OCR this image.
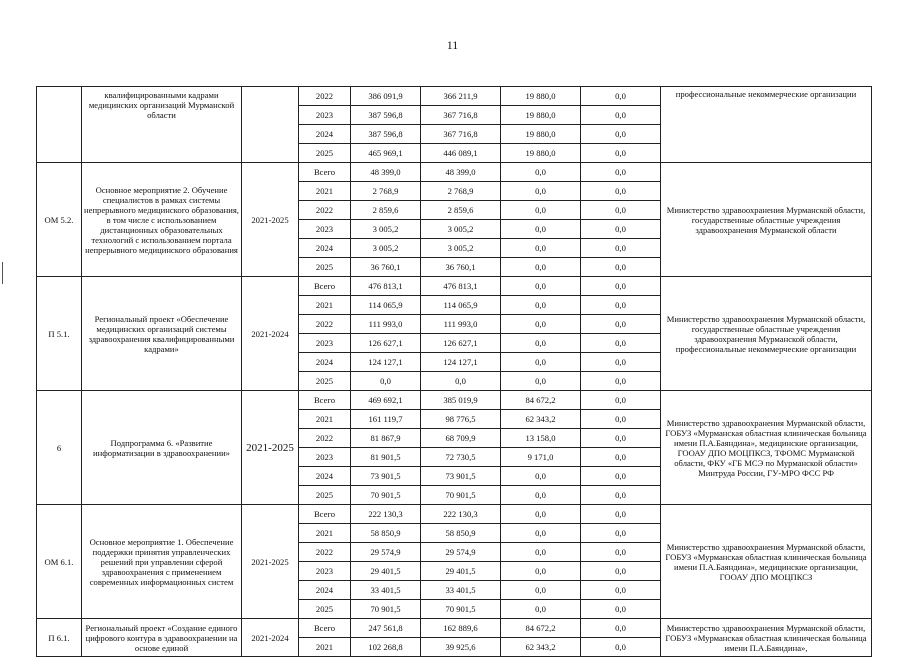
11
	квалифицированными кадрами медицинских организаций Мурманской области		2022	386 091,9	366 211,9	19 880,0	0,0	профессиональные некоммерческие организации
			2023	387 596,8	367 716,8	19 880,0	0,0	
			2024	387 596,8	367 716,8	19 880,0	0,0	
			2025	465 969,1	446 089,1	19 880,0	0,0	
ОМ 5.2.	Основное мероприятие 2. Обучение специалистов в рамках системы непрерывного медицинского образования, в том числе с использованием дистанционных образовательных технологий с использованием портала непрерывного медицинского образования	2021-2025	Всего	48 399,0	48 399,0	0,0	0,0	Министерство здравоохранения Мурманской области, государственные областные учреждения здравоохранения Мурманской области
			2021	2 768,9	2 768,9	0,0	0,0	
			2022	2 859,6	2 859,6	0,0	0,0	
			2023	3 005,2	3 005,2	0,0	0,0	
			2024	3 005,2	3 005,2	0,0	0,0	
			2025	36 760,1	36 760,1	0,0	0,0	
П 5.1.	Региональный проект «Обеспечение медицинских организаций системы здравоохранения квалифицированными кадрами»	2021-2024	Всего	476 813,1	476 813,1	0,0	0,0	Министерство здравоохранения Мурманской области, государственные областные учреждения здравоохранения Мурманской области, профессиональные некоммерческие организации
			2021	114 065,9	114 065,9	0,0	0,0	
			2022	111 993,0	111 993,0	0,0	0,0	
			2023	126 627,1	126 627,1	0,0	0,0	
			2024	124 127,1	124 127,1	0,0	0,0	
			2025	0,0	0,0	0,0	0,0	
6	Подпрограмма 6. «Развитие информатизации в здравоохранении»	2021-2025	Всего	469 692,1	385 019,9	84 672,2	0,0	Министерство здравоохранения Мурманской области, ГОБУЗ «Мурманская областная клиническая больница имени П.А.Баяндина», медицинские организации, ГООАУ ДПО МОЦПКСЗ, ТФОМС Мурманской области, ФКУ «ГБ МСЭ по Мурманской области» Минтруда России, ГУ-МРО ФСС РФ
			2021	161 119,7	98 776,5	62 343,2	0,0	
			2022	81 867,9	68 709,9	13 158,0	0,0	
			2023	81 901,5	72 730,5	9 171,0	0,0	
			2024	73 901,5	73 901,5	0,0	0,0	
			2025	70 901,5	70 901,5	0,0	0,0	
ОМ 6.1.	Основное мероприятие 1. Обеспечение поддержки принятия управленческих решений при управлении сферой здравоохранения с применением современных информационных систем	2021-2025	Всего	222 130,3	222 130,3	0,0	0,0	Министерство здравоохранения Мурманской области, ГОБУЗ «Мурманская областная клиническая больница имени П.А.Баяндина», медицинские организации, ГООАУ ДПО МОЦПКСЗ
			2021	58 850,9	58 850,9	0,0	0,0	
			2022	29 574,9	29 574,9	0,0	0,0	
			2023	29 401,5	29 401,5	0,0	0,0	
			2024	33 401,5	33 401,5	0,0	0,0	
			2025	70 901,5	70 901,5	0,0	0,0	
П 6.1.	Региональный проект «Создание единого цифрового контура в здравоохранении на основе единой	2021-2024	Всего	247 561,8	162 889,6	84 672,2	0,0	Министерство здравоохранения Мурманской области, ГОБУЗ «Мурманская областная клиническая больница имени П.А.Баяндина»,
			2021	102 268,8	39 925,6	62 343,2	0,0	
